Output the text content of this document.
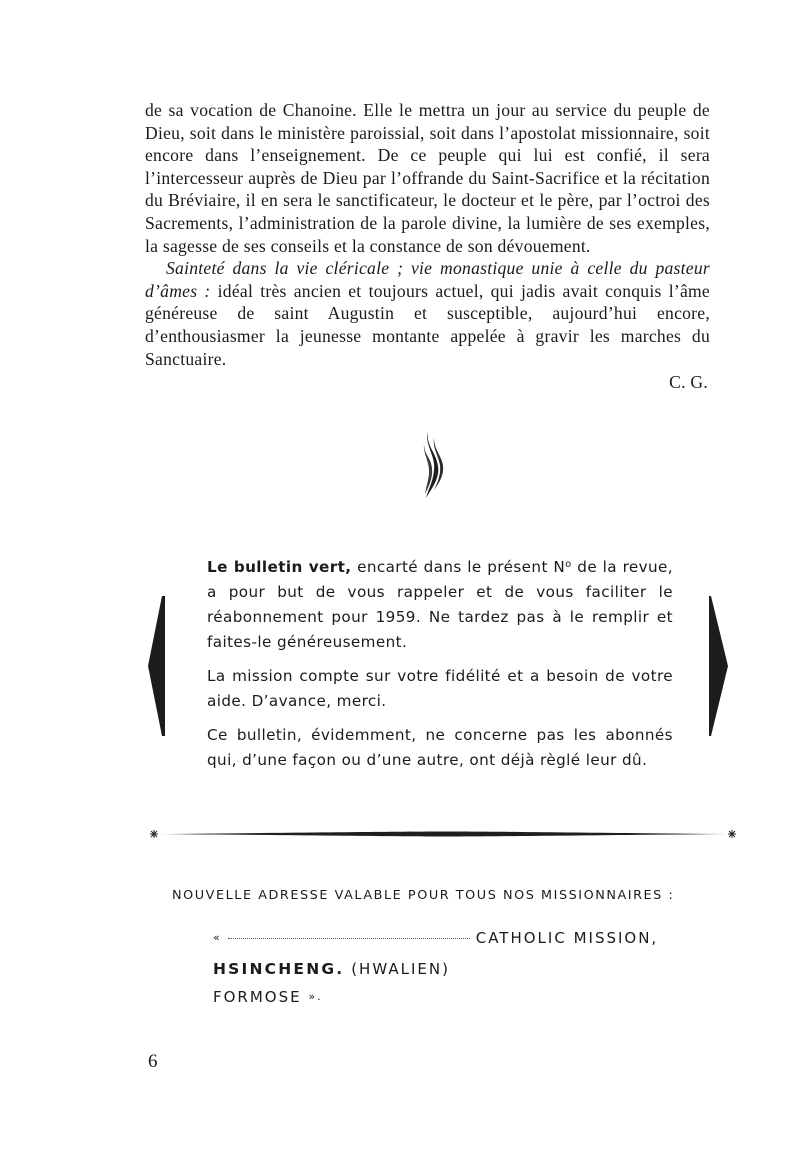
de sa vocation de Chanoine. Elle le mettra un jour au service du peuple de Dieu, soit dans le ministère paroissial, soit dans l’apostolat missionnaire, soit encore dans l’enseignement. De ce peuple qui lui est confié, il sera l’intercesseur auprès de Dieu par l’offrande du Saint-Sacrifice et la récitation du Bréviaire, il en sera le sanctificateur, le docteur et le père, par l’octroi des Sacrements, l’administration de la parole divine, la lumière de ses exemples, la sagesse de ses conseils et la constance de son dévouement.

Sainteté dans la vie cléricale ; vie monastique unie à celle du pasteur d’âmes : idéal très ancien et toujours actuel, qui jadis avait conquis l’âme généreuse de saint Augustin et susceptible, aujourd’hui encore, d’enthousiasmer la jeunesse montante appelée à gravir les marches du Sanctuaire.

C. G.

Le bulletin vert, encarté dans le présent $N^o$ de la revue, a pour but de vous rappeler et de vous faciliter le réabonnement pour 1959. Ne tardez pas à le remplir et faites-le généreusement.

La mission compte sur votre fidélité et a besoin de votre aide. D’avance, merci.

Ce bulletin, évidemment, ne concerne pas les abonnés qui, d’une façon ou d’une autre, ont déjà règlé leur dû.

NOUVELLE ADRESSE VALABLE POUR TOUS NOS MISSIONNAIRES :
«	CATHOLIC MISSION,
HSINCHENG. (HWALIEN)
FORMOSE ».
6
